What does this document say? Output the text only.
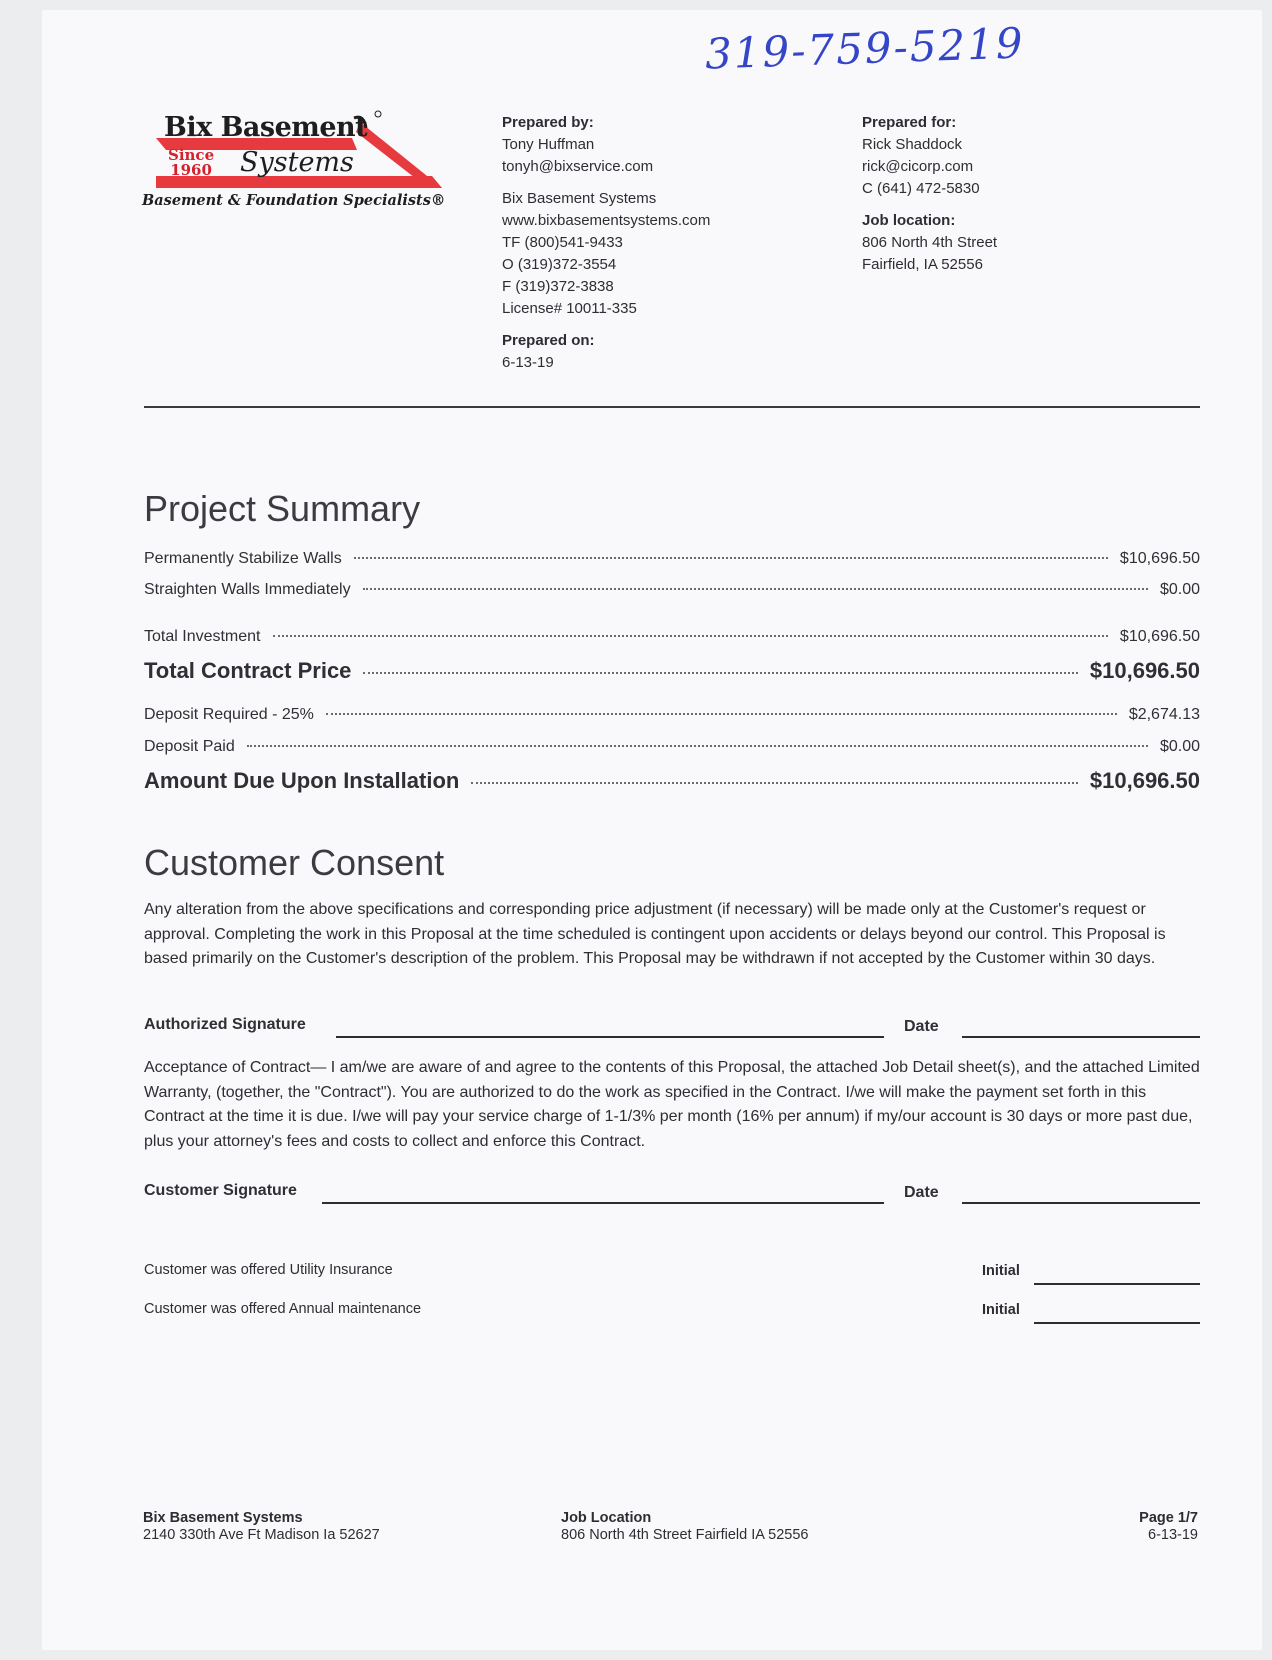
319-759-5219
Bix Basement
Since
1960 Systems
Basement & Foundation Specialists®
Prepared by:
Tony Huffman
tonyh@bixservice.com
Bix Basement Systems
www.bixbasementsystems.com
TF (800)541-9433
O (319)372-3554
F (319)372-3838
License# 10011-335
Prepared on:
6-13-19
Prepared for:
Rick Shaddock
rick@cicorp.com
C (641) 472-5830
Job location:
806 North 4th Street
Fairfield, IA 52556
Project Summary
Permanently Stabilize Walls	$10,696.50
Straighten Walls Immediately	$0.00
Total Investment	$10,696.50
Total Contract Price	$10,696.50
Deposit Required - 25%	$2,674.13
Deposit Paid	$0.00
Amount Due Upon Installation	$10,696.50
Customer Consent
Any alteration from the above specifications and corresponding price adjustment (if necessary) will be made only at the Customer's request or approval. Completing the work in this Proposal at the time scheduled is contingent upon accidents or delays beyond our control. This Proposal is based primarily on the Customer's description of the problem. This Proposal may be withdrawn if not accepted by the Customer within 30 days.
Authorized Signature	Date
Acceptance of Contract— I am/we are aware of and agree to the contents of this Proposal, the attached Job Detail sheet(s), and the attached Limited Warranty, (together, the "Contract"). You are authorized to do the work as specified in the Contract. I/we will make the payment set forth in this Contract at the time it is due. I/we will pay your service charge of 1-1/3% per month (16% per annum) if my/our account is 30 days or more past due, plus your attorney's fees and costs to collect and enforce this Contract.
Customer Signature	Date
Customer was offered Utility Insurance	Initial
Customer was offered Annual maintenance	Initial
Bix Basement Systems
2140 330th Ave Ft Madison Ia 52627
Job Location
806 North 4th Street Fairfield IA 52556
Page 1/7
6-13-19
